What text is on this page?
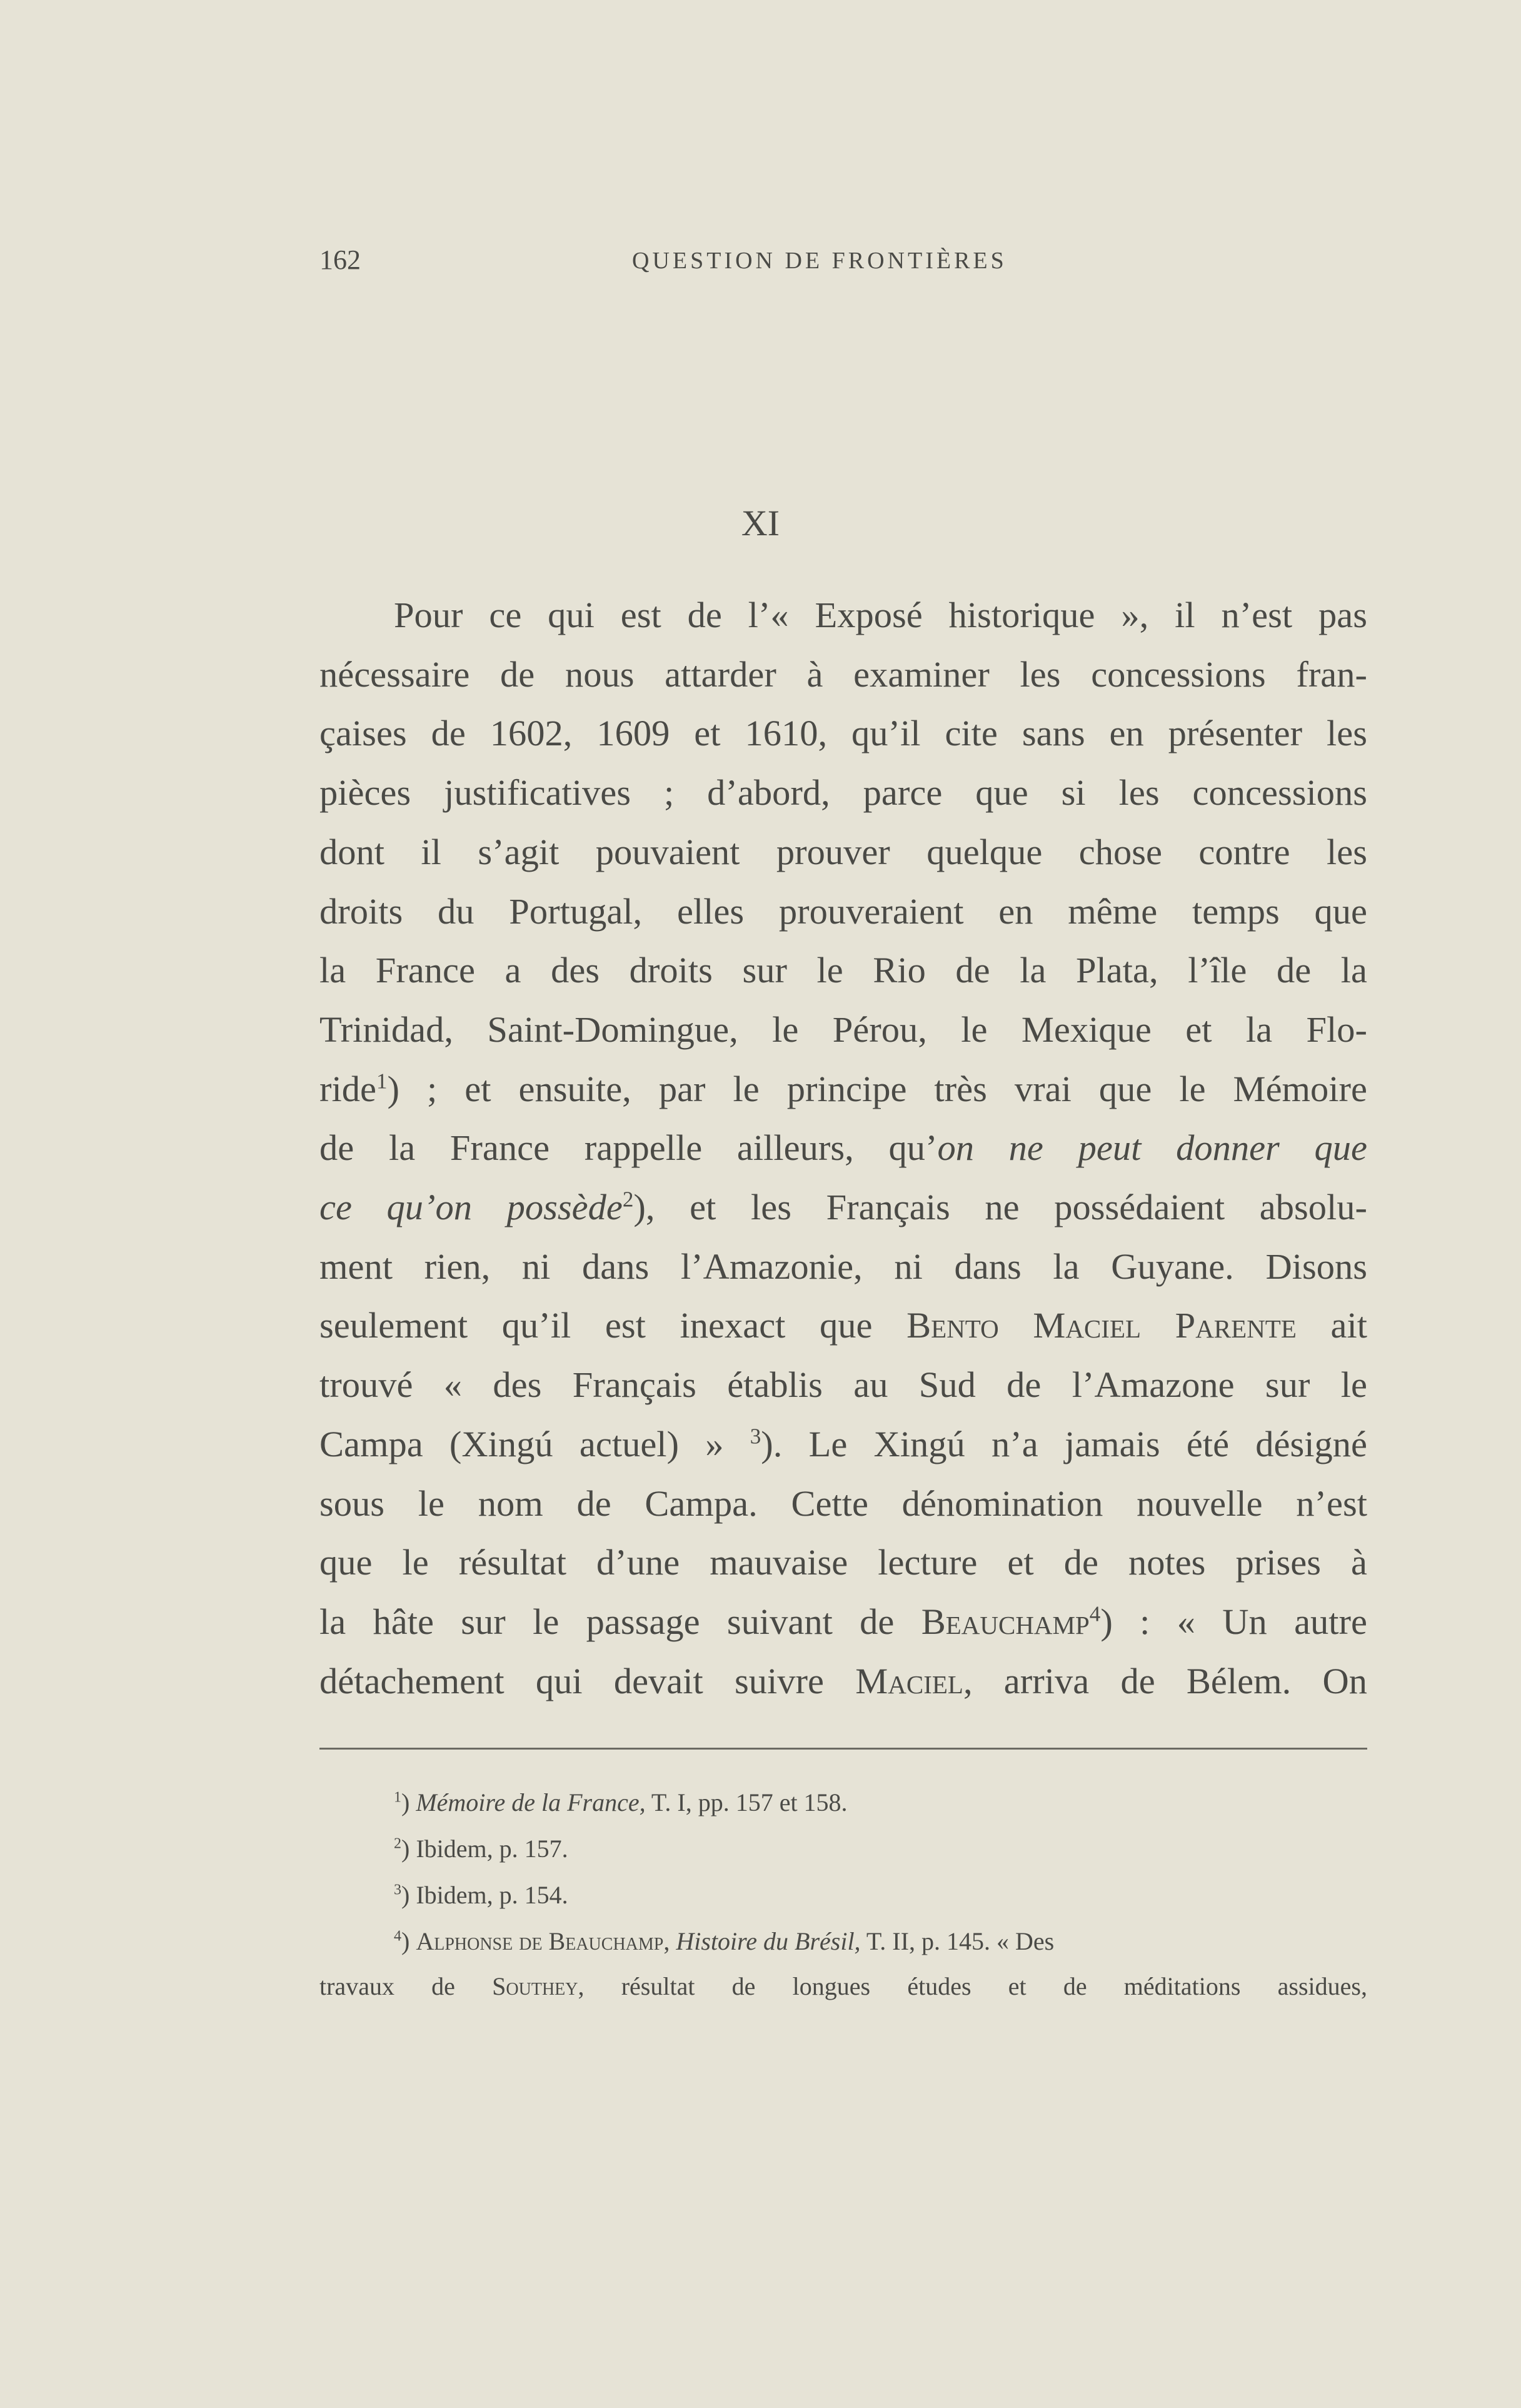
162	QUESTION DE FRONTIÈRES
XI
Pour ce qui est de l’« Exposé historique », il n’est pas
nécessaire de nous attarder à examiner les concessions fran-
çaises de 1602, 1609 et 1610, qu’il cite sans en présenter les
pièces justificatives ; d’abord, parce que si les concessions
dont il s’agit pouvaient prouver quelque chose contre les
droits du Portugal, elles prouveraient en même temps que
la France a des droits sur le Rio de la Plata, l’île de la
Trinidad, Saint-Domingue, le Pérou, le Mexique et la Flo-
ride$^1$) ; et ensuite, par le principe très vrai que le Mémoire
de la France rappelle ailleurs, qu’on ne peut donner que
ce qu’on possède$^2$), et les Français ne possédaient absolu-
ment rien, ni dans l’Amazonie, ni dans la Guyane. Disons
seulement qu’il est inexact que Bento Maciel Parente ait
trouvé « des Français établis au Sud de l’Amazone sur le
Campa (Xingú actuel) » $^3$). Le Xingú n’a jamais été désigné
sous le nom de Campa. Cette dénomination nouvelle n’est
que le résultat d’une mauvaise lecture et de notes prises à
la hâte sur le passage suivant de Beauchamp$^4$) : « Un autre
détachement qui devait suivre Maciel, arriva de Bélem. On
$^1$) Mémoire de la France, T. I, pp. 157 et 158.
$^2$) Ibidem, p. 157.
$^3$) Ibidem, p. 154.
$^4$) Alphonse de Beauchamp, Histoire du Brésil, T. II, p. 145. « Des
travaux de Southey, résultat de longues études et de méditations assidues,
